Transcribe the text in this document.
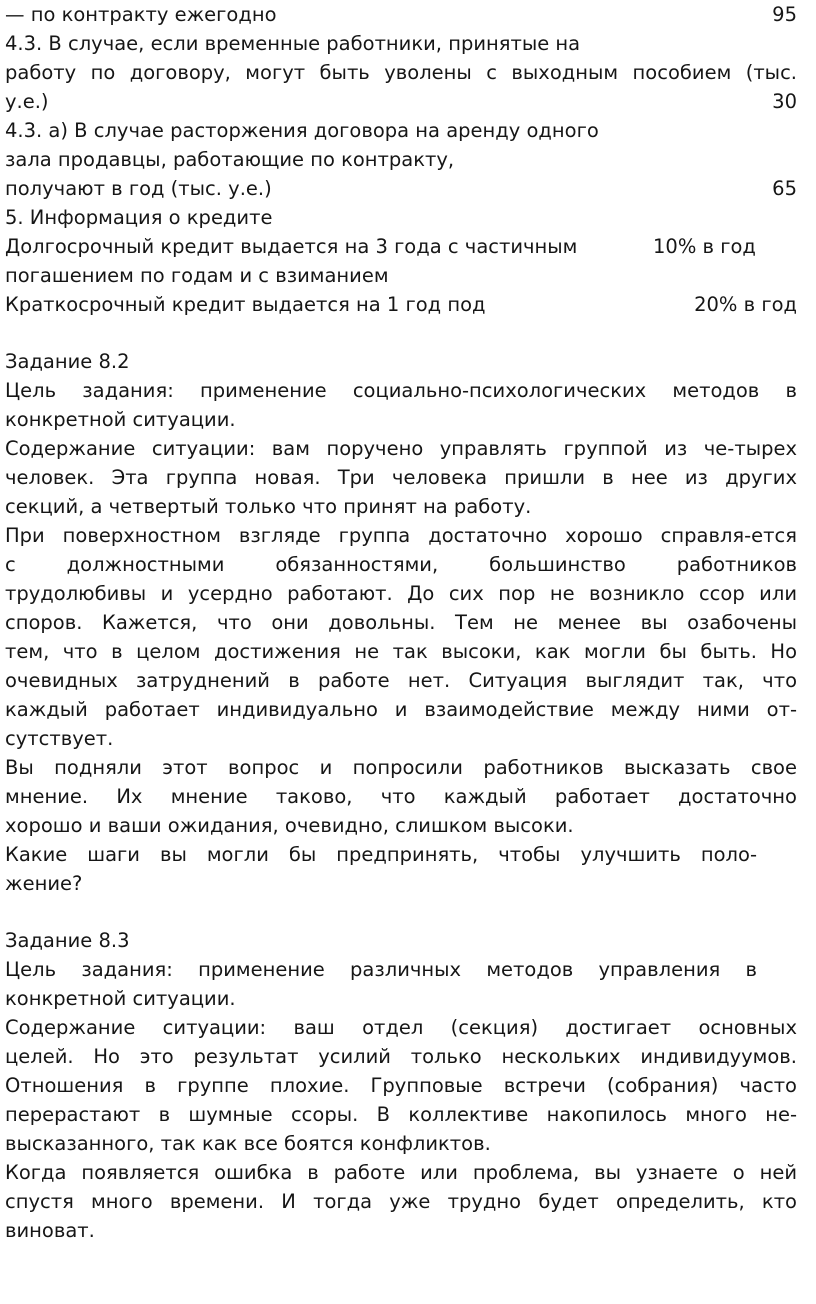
— по контракту ежегодно	95
4.3. В случае, если временные работники, принятые на
работу по договору, могут быть уволены с выходным пособием (тыс.
у.е.)	30
4.3. а) В случае расторжения договора на аренду одного
зала продавцы, работающие по контракту,
получают в год (тыс. у.е.)	65
5. Информация о кредите
Долгосрочный кредит выдается на 3 года с частичным	10% в год
погашением по годам и с взиманием
Краткосрочный кредит выдается на 1 год под	20% в год
Задание 8.2
Цель задания: применение социально-психологических методов в
конкретной ситуации.
Содержание ситуации: вам поручено управлять группой из че-тырех
человек. Эта группа новая. Три человека пришли в нее из других
секций, а четвертый только что принят на работу.
При поверхностном взгляде группа достаточно хорошо справля-ется
с должностными обязанностями, большинство работников
трудолюбивы и усердно работают. До сих пор не возникло ссор или
споров. Кажется, что они довольны. Тем не менее вы озабочены
тем, что в целом достижения не так высоки, как могли бы быть. Но
очевидных затруднений в работе нет. Ситуация выглядит так, что
каждый работает индивидуально и взаимодействие между ними от-
сутствует.
Вы подняли этот вопрос и попросили работников высказать свое
мнение. Их мнение таково, что каждый работает достаточно
хорошо и ваши ожидания, очевидно, слишком высоки.
Какие шаги вы могли бы предпринять, чтобы улучшить поло-
жение?
Задание 8.3
Цель задания: применение различных методов управления в
конкретной ситуации.
Содержание ситуации: ваш отдел (секция) достигает основных
целей. Но это результат усилий только нескольких индивидуумов.
Отношения в группе плохие. Групповые встречи (собрания) часто
перерастают в шумные ссоры. В коллективе накопилось много не-
высказанного, так как все боятся конфликтов.
Когда появляется ошибка в работе или проблема, вы узнаете о ней
спустя много времени. И тогда уже трудно будет определить, кто
виноват.
